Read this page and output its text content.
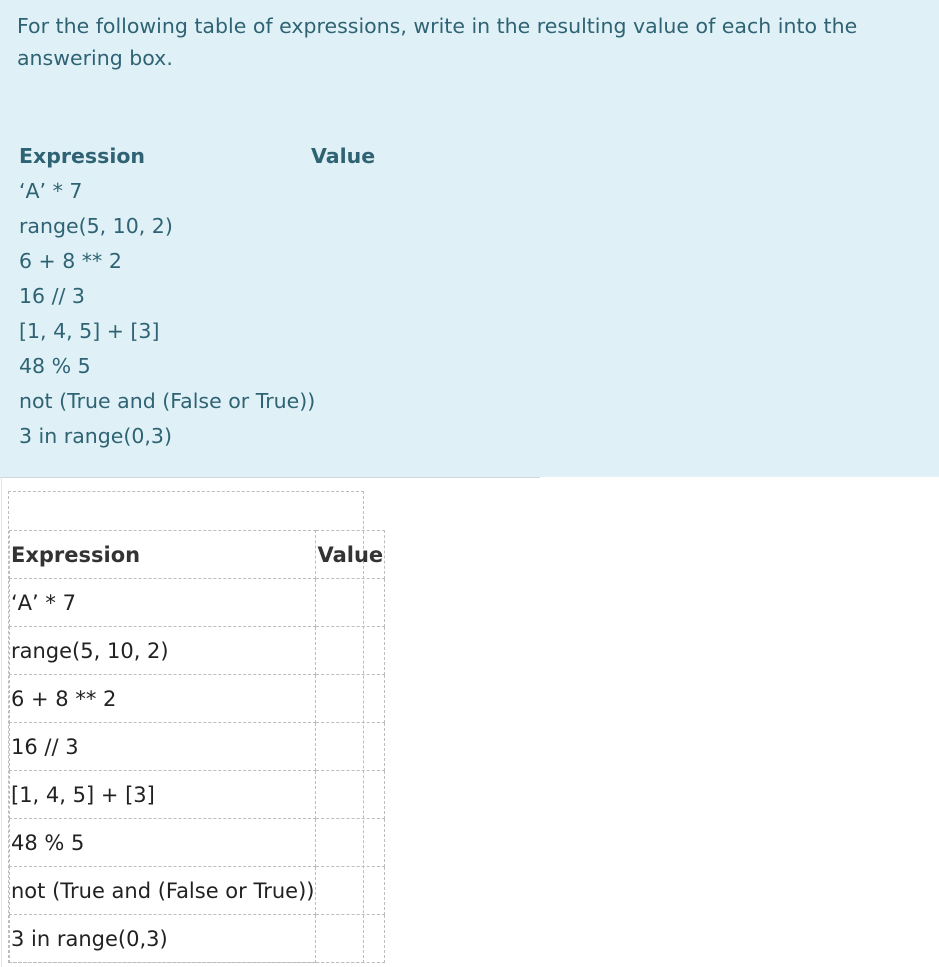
For the following table of expressions, write in the resulting value of each into the answering box.
Expression	Value
‘A’ * 7
range(5, 10, 2)
6 + 8 ** 2
16 // 3
[1, 4, 5] + [3]
48 % 5
not (True and (False or True))
3 in range(0,3)
Expression	Value
‘A’ * 7	
range(5, 10, 2)	
6 + 8 ** 2	
16 // 3	
[1, 4, 5] + [3]	
48 % 5	
not (True and (False or True))	
3 in range(0,3)	
